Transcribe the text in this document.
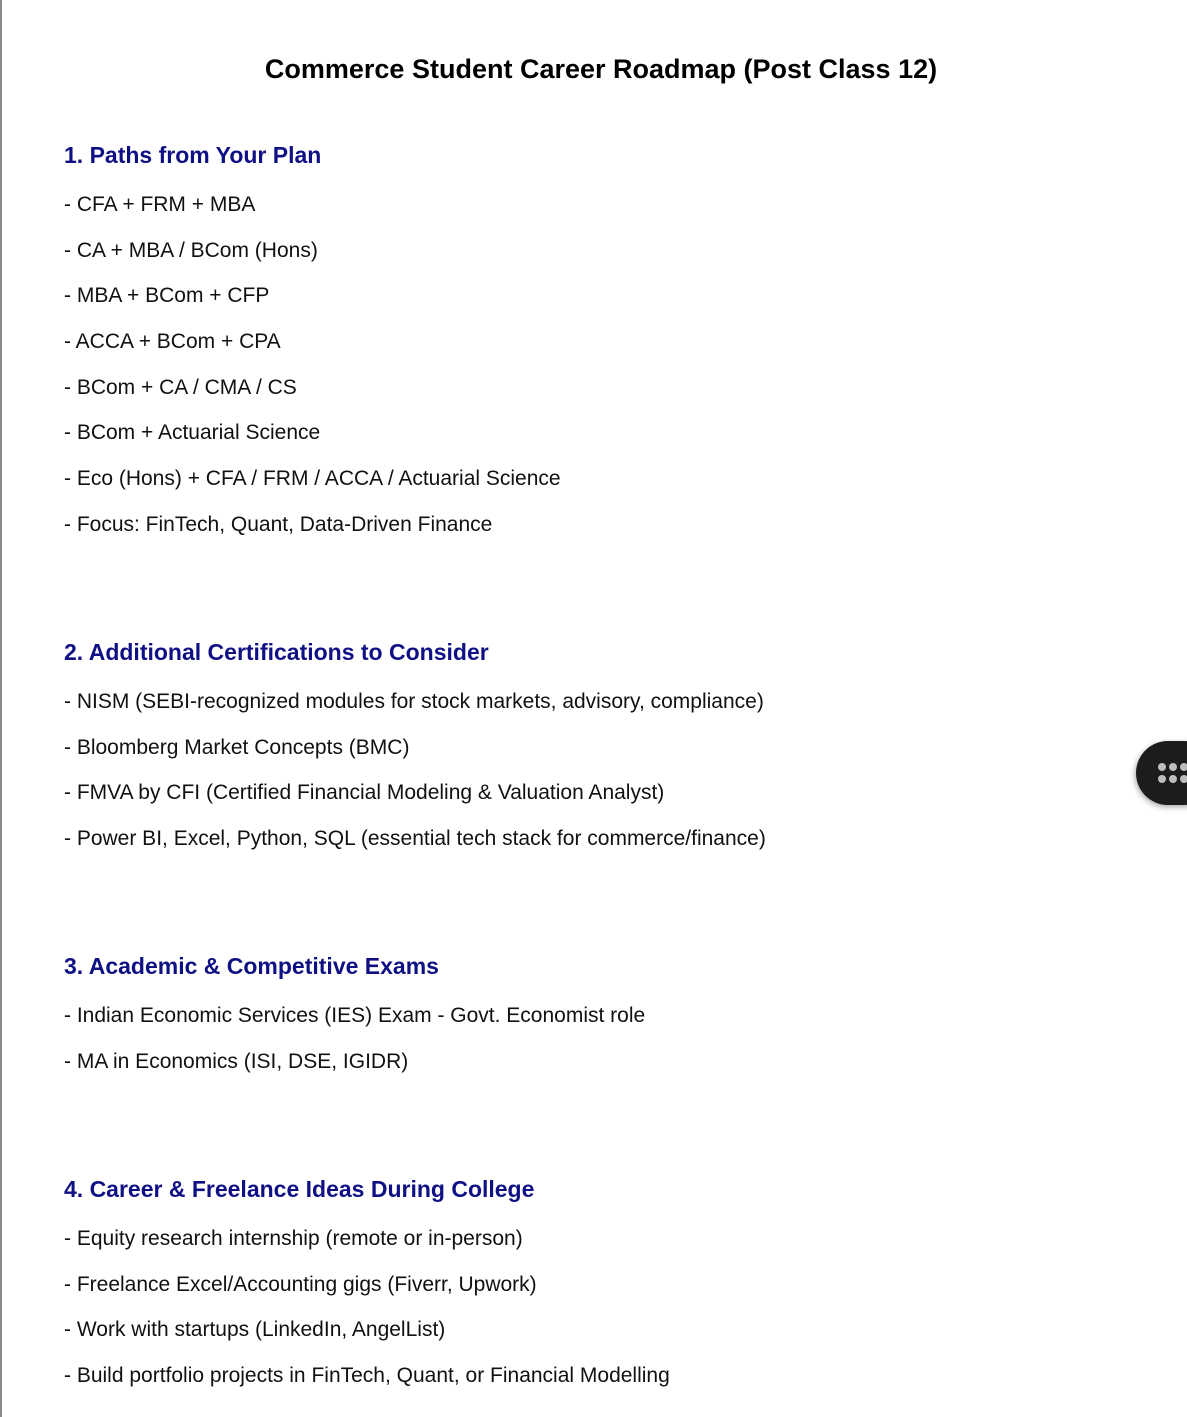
Commerce Student Career Roadmap (Post Class 12)
1. Paths from Your Plan

- CFA + FRM + MBA

- CA + MBA / BCom (Hons)

- MBA + BCom + CFP

- ACCA + BCom + CPA

- BCom + CA / CMA / CS

- BCom + Actuarial Science

- Eco (Hons) + CFA / FRM / ACCA / Actuarial Science

- Focus: FinTech, Quant, Data-Driven Finance

2. Additional Certifications to Consider

- NISM (SEBI-recognized modules for stock markets, advisory, compliance)

- Bloomberg Market Concepts (BMC)

- FMVA by CFI (Certified Financial Modeling & Valuation Analyst)

- Power BI, Excel, Python, SQL (essential tech stack for commerce/finance)

3. Academic & Competitive Exams

- Indian Economic Services (IES) Exam - Govt. Economist role

- MA in Economics (ISI, DSE, IGIDR)

4. Career & Freelance Ideas During College

- Equity research internship (remote or in-person)

- Freelance Excel/Accounting gigs (Fiverr, Upwork)

- Work with startups (LinkedIn, AngelList)

- Build portfolio projects in FinTech, Quant, or Financial Modelling
